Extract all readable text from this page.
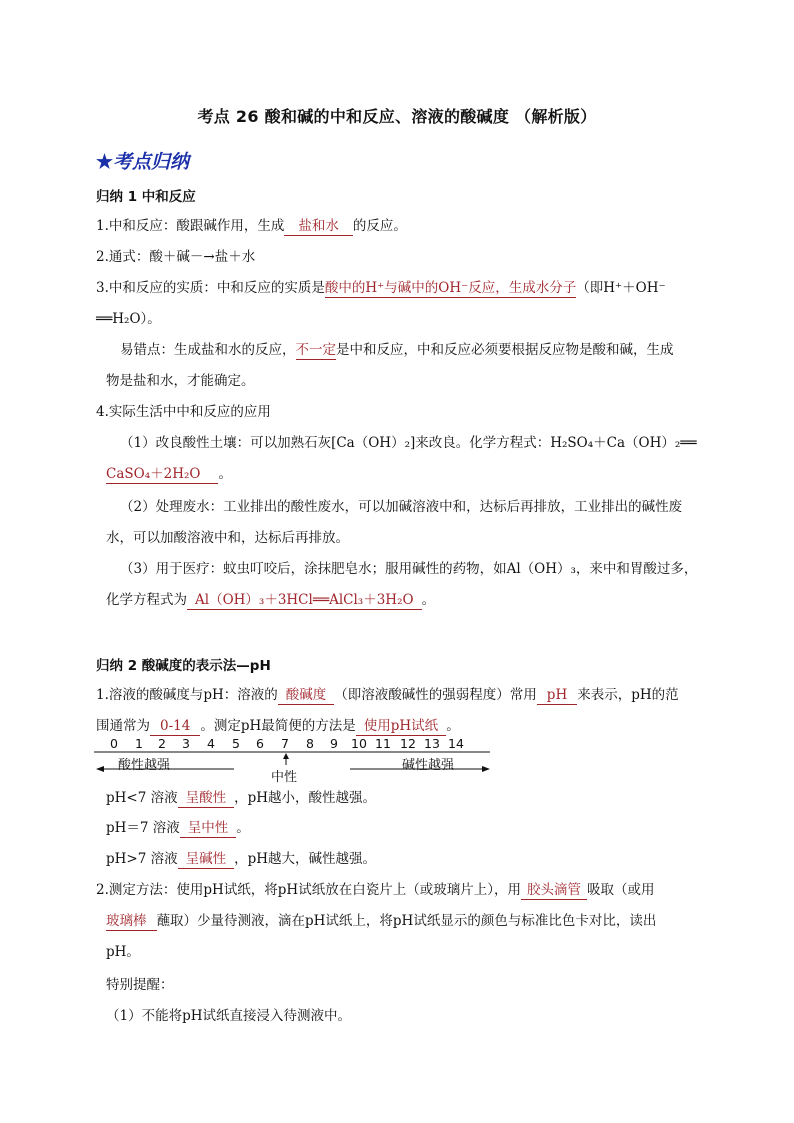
考点 26 酸和碱的中和反应、溶液的酸碱度 （解析版）
★考点归纳
归纳 1 中和反应
1.中和反应：酸跟碱作用，生成 盐和水 的反应。
2.通式：酸＋碱－→盐＋水
3.中和反应的实质：中和反应的实质是酸中的H⁺与碱中的OH⁻反应，生成水分子（即H⁺＋OH⁻
══H₂O）。
易错点：生成盐和水的反应，不一定是中和反应，中和反应必须要根据反应物是酸和碱，生成
物是盐和水，才能确定。
4.实际生活中中和反应的应用
（1）改良酸性土壤：可以加熟石灰[Ca（OH）₂]来改良。化学方程式：H₂SO₄＋Ca（OH）₂══
CaSO₄＋2H₂O 。
（2）处理废水：工业排出的酸性废水，可以加碱溶液中和，达标后再排放，工业排出的碱性废
水，可以加酸溶液中和，达标后再排放。
（3）用于医疗：蚊虫叮咬后，涂抹肥皂水；服用碱性的药物，如Al（OH）₃，来中和胃酸过多，
化学方程式为 Al（OH）₃＋3HCl══AlCl₃＋3H₂O 。
归纳 2 酸碱度的表示法—pH
1.溶液的酸碱度与pH：溶液的 酸碱度 （即溶液酸碱性的强弱程度）常用 pH 来表示，pH的范
围通常为 0-14 。测定pH最简便的方法是 使用pH试纸 。
0 1 2 3 4 5 6 7 8 9 10 11 12 13 14
酸性越强
中性
碱性越强
pH<7 溶液 呈酸性 ，pH越小，酸性越强。
pH＝7 溶液 呈中性 。
pH>7 溶液 呈碱性 ，pH越大，碱性越强。
2.测定方法：使用pH试纸，将pH试纸放在白瓷片上（或玻璃片上），用 胶头滴管 吸取（或用
玻璃棒 蘸取）少量待测液，滴在pH试纸上，将pH试纸显示的颜色与标准比色卡对比，读出
pH。
特别提醒：
（1）不能将pH试纸直接浸入待测液中。
